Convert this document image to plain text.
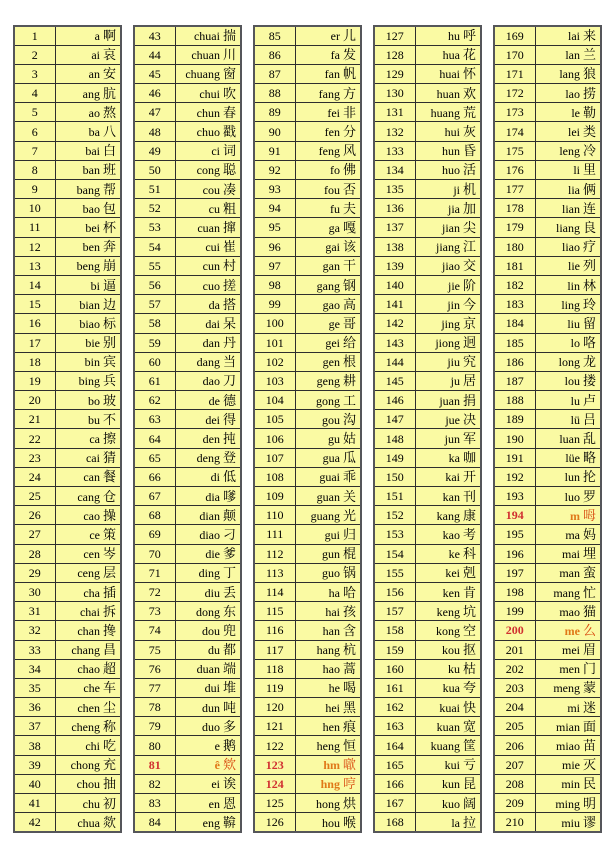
1	a 啊
2	ai 哀
3	an 安
4	ang 肮
5	ao 熬
6	ba 八
7	bai 白
8	ban 班
9	bang 帮
10	bao 包
11	bei 杯
12	ben 奔
13	beng 崩
14	bi 逼
15	bian 边
16	biao 标
17	bie 别
18	bin 宾
19	bing 兵
20	bo 玻
21	bu 不
22	ca 擦
23	cai 猜
24	can 餐
25	cang 仓
26	cao 操
27	ce 策
28	cen 岑
29	ceng 层
30	cha 插
31	chai 拆
32	chan 搀
33	chang 昌
34	chao 超
35	che 车
36	chen 尘
37	cheng 称
38	chi 吃
39	chong 充
40	chou 抽
41	chu 初
42	chua 欻
43	chuai 揣
44	chuan 川
45	chuang 窗
46	chui 吹
47	chun 春
48	chuo 戳
49	ci 词
50	cong 聪
51	cou 凑
52	cu 粗
53	cuan 撺
54	cui 崔
55	cun 村
56	cuo 搓
57	da 搭
58	dai 呆
59	dan 丹
60	dang 当
61	dao 刀
62	de 德
63	dei 得
64	den 扽
65	deng 登
66	di 低
67	dia 嗲
68	dian 颠
69	diao 刁
70	die 爹
71	ding 丁
72	diu 丢
73	dong 东
74	dou 兜
75	du 都
76	duan 端
77	dui 堆
78	dun 吨
79	duo 多
80	e 鹅
81	ê 欸
82	ei 诶
83	en 恩
84	eng 鞥
85	er 儿
86	fa 发
87	fan 帆
88	fang 方
89	fei 非
90	fen 分
91	feng 风
92	fo 佛
93	fou 否
94	fu 夫
95	ga 嘎
96	gai 该
97	gan 干
98	gang 钢
99	gao 高
100	ge 哥
101	gei 给
102	gen 根
103	geng 耕
104	gong 工
105	gou 沟
106	gu 姑
107	gua 瓜
108	guai 乖
109	guan 关
110	guang 光
111	gui 归
112	gun 棍
113	guo 锅
114	ha 哈
115	hai 孩
116	han 含
117	hang 杭
118	hao 蒿
119	he 喝
120	hei 黑
121	hen 痕
122	heng 恒
123	hm 噷
124	hng 哼
125	hong 烘
126	hou 喉
127	hu 呼
128	hua 花
129	huai 怀
130	huan 欢
131	huang 荒
132	hui 灰
133	hun 昏
134	huo 活
135	ji 机
136	jia 加
137	jian 尖
138	jiang 江
139	jiao 交
140	jie 阶
141	jin 今
142	jing 京
143	jiong 迥
144	jiu 究
145	ju 居
146	juan 捐
147	jue 决
148	jun 军
149	ka 咖
150	kai 开
151	kan 刊
152	kang 康
153	kao 考
154	ke 科
155	kei 剋
156	ken 肯
157	keng 坑
158	kong 空
159	kou 抠
160	ku 枯
161	kua 夸
162	kuai 快
163	kuan 宽
164	kuang 筐
165	kui 亏
166	kun 昆
167	kuo 阔
168	la 拉
169	lai 来
170	lan 兰
171	lang 狼
172	lao 捞
173	le 勒
174	lei 类
175	leng 冷
176	li 里
177	lia 俩
178	lian 连
179	liang 良
180	liao 疗
181	lie 列
182	lin 林
183	ling 玲
184	liu 留
185	lo 咯
186	long 龙
187	lou 搂
188	lu 卢
189	lü 吕
190	luan 乱
191	lüe 略
192	lun 抡
193	luo 罗
194	m 呣
195	ma 妈
196	mai 埋
197	man 蛮
198	mang 忙
199	mao 猫
200	me 么
201	mei 眉
202	men 门
203	meng 蒙
204	mi 迷
205	mian 面
206	miao 苗
207	mie 灭
208	min 民
209	ming 明
210	miu 谬
